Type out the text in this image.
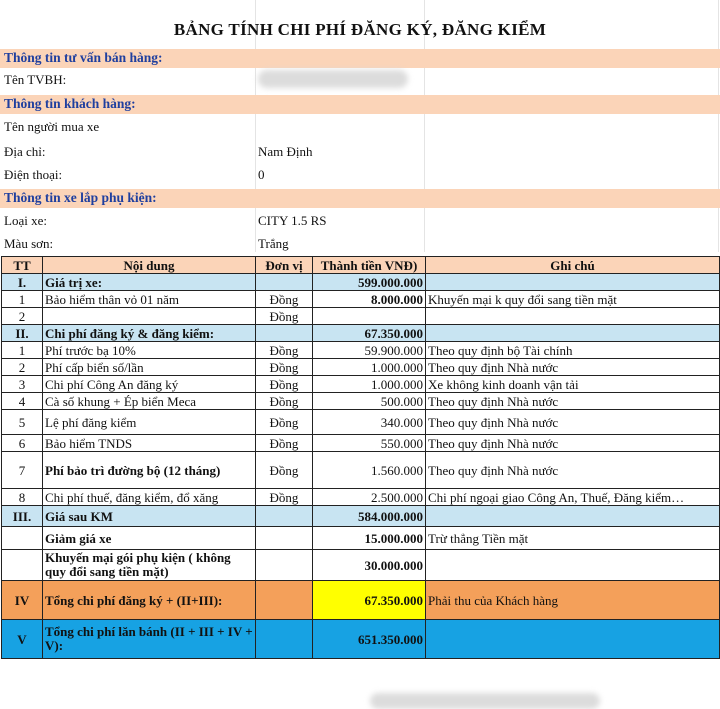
BẢNG TÍNH CHI PHÍ ĐĂNG KÝ, ĐĂNG KIỂM
Thông tin tư vấn bán hàng:
Tên TVBH:
Thông tin khách hàng:
Tên người mua xe
Địa chỉ:	Nam Định
Điện thoại:	0
Thông tin xe lắp phụ kiện:
Loại xe:	CITY 1.5 RS
Màu sơn:	Trắng
TT	Nội dung	Đơn vị	Thành tiền VNĐ)	Ghi chú
I.	Giá trị xe:		599.000.000	
1	Bảo hiểm thân vỏ 01 năm	Đồng	8.000.000	Khuyến mại k quy đổi sang tiền mặt
2		Đồng		
II.	Chi phí đăng ký & đăng kiểm:		67.350.000	
1	Phí trước bạ 10%	Đồng	59.900.000	Theo quy định bộ Tài chính
2	Phí cấp biển số/lần	Đồng	1.000.000	Theo quy định Nhà nước
3	Chi phí Công An đăng ký	Đồng	1.000.000	Xe không kinh doanh vận tải
4	Cà số khung + Ép biển Meca	Đồng	500.000	Theo quy định Nhà nước
5	Lệ phí đăng kiểm	Đồng	340.000	Theo quy định Nhà nước
6	Bảo hiểm TNDS	Đồng	550.000	Theo quy định Nhà nước
7	Phí bảo trì đường bộ (12 tháng)	Đồng	1.560.000	Theo quy định Nhà nước
8	Chi phí thuế, đăng kiểm, đổ xăng	Đồng	2.500.000	Chi phí ngoại giao Công An, Thuế, Đăng kiểm…
III.	Giá sau KM		584.000.000	
	Giảm giá xe		15.000.000	Trừ thẳng Tiền mặt
	Khuyến mại gói phụ kiện ( không quy đổi sang tiền mặt)		30.000.000	
IV	Tổng chi phí đăng ký + (II+III):		67.350.000	Phải thu của Khách hàng
V	Tổng chi phí lăn bánh (II + III + IV + V):		651.350.000	
